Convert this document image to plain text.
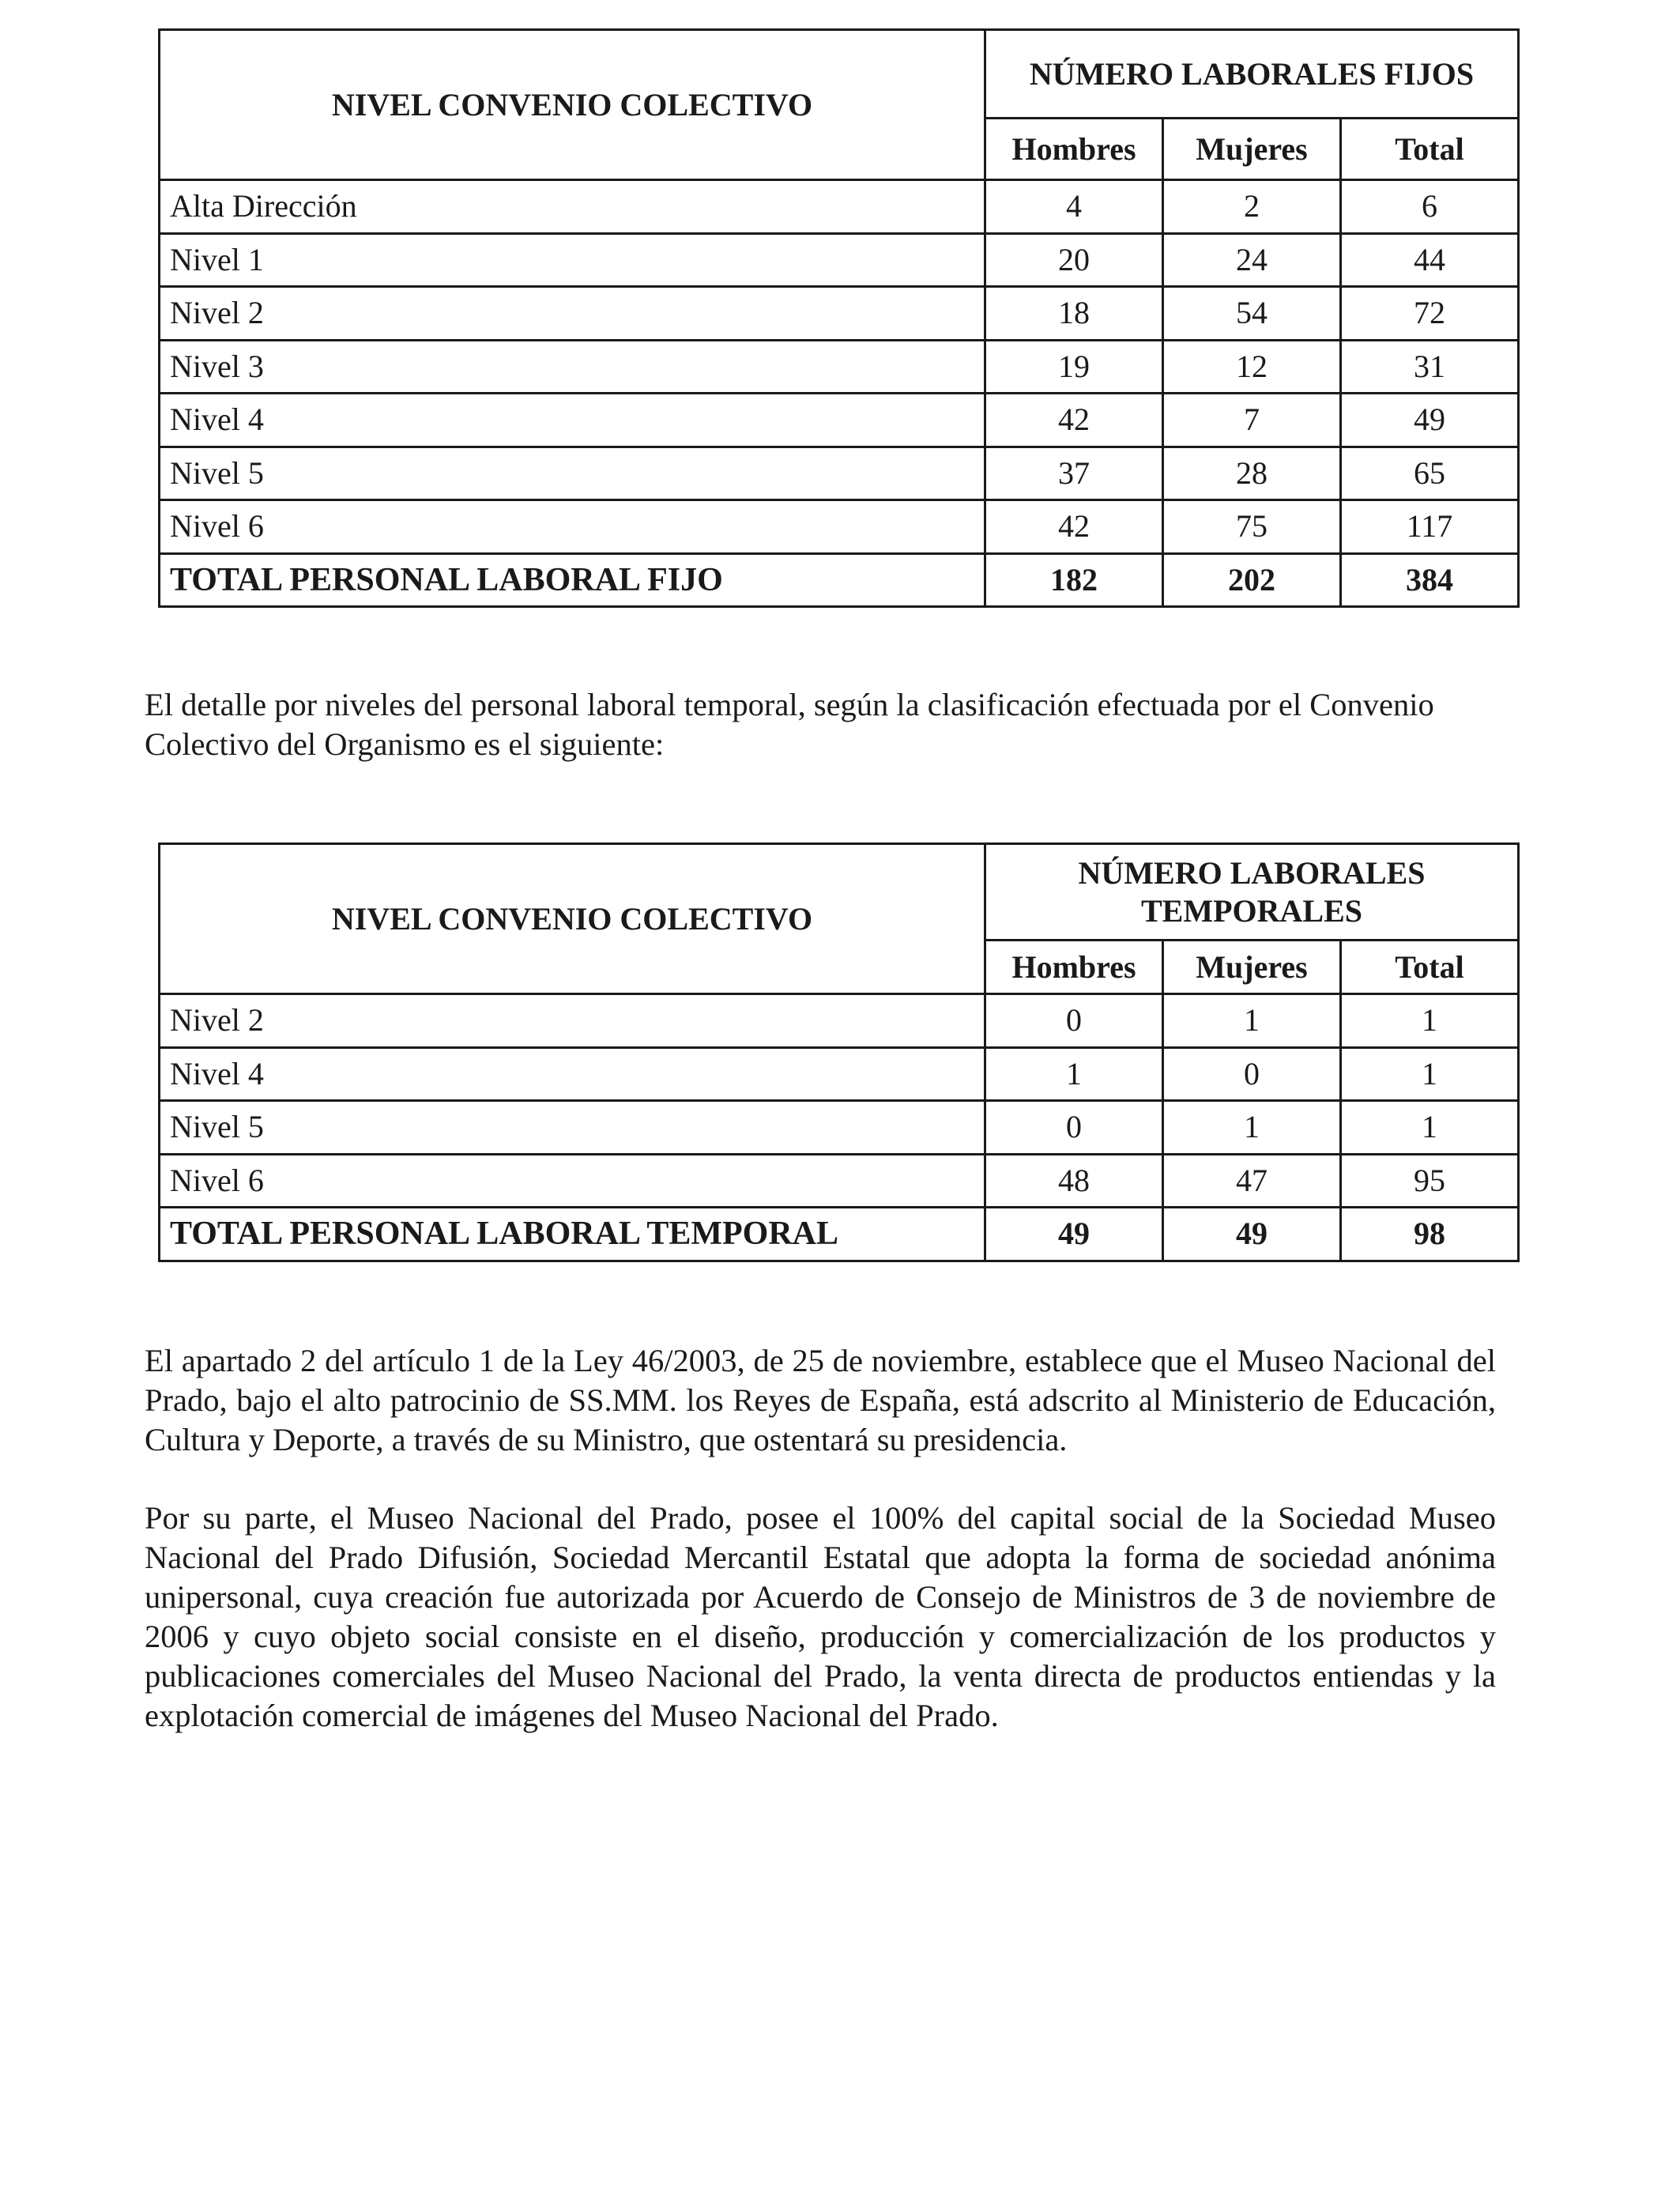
NIVEL CONVENIO COLECTIVO	NÚMERO LABORALES FIJOS		
	Hombres	Mujeres	Total
Alta Dirección	4	2	6
Nivel 1	20	24	44
Nivel 2	18	54	72
Nivel 3	19	12	31
Nivel 4	42	7	49
Nivel 5	37	28	65
Nivel 6	42	75	117
TOTAL PERSONAL LABORAL FIJO	182	202	384

El detalle por niveles del personal laboral temporal, según la clasificación efectuada por el Convenio Colectivo del Organismo es el siguiente:

NIVEL CONVENIO COLECTIVO	NÚMERO LABORALES
TEMPORALES		
	Hombres	Mujeres	Total
Nivel 2	0	1	1
Nivel 4	1	0	1
Nivel 5	0	1	1
Nivel 6	48	47	95
TOTAL PERSONAL LABORAL TEMPORAL	49	49	98

El apartado 2 del artículo 1 de la Ley 46/2003, de 25 de noviembre, establece que el Museo Nacional del Prado, bajo el alto patrocinio de SS.MM. los Reyes de España, está adscrito al Ministerio de Educación, Cultura y Deporte, a través de su Ministro, que ostentará su presidencia.

Por su parte, el Museo Nacional del Prado, posee el 100% del capital social de la Sociedad Museo Nacional del Prado Difusión, Sociedad Mercantil Estatal que adopta la forma de sociedad anónima unipersonal, cuya creación fue autorizada por Acuerdo de Consejo de Ministros de 3 de noviembre de 2006 y cuyo objeto social consiste en el diseño, producción y comercialización de los productos y publicaciones comerciales del Museo Nacional del Prado, la venta directa de productos entiendas y la explotación comercial de imágenes del Museo Nacional del Prado.
